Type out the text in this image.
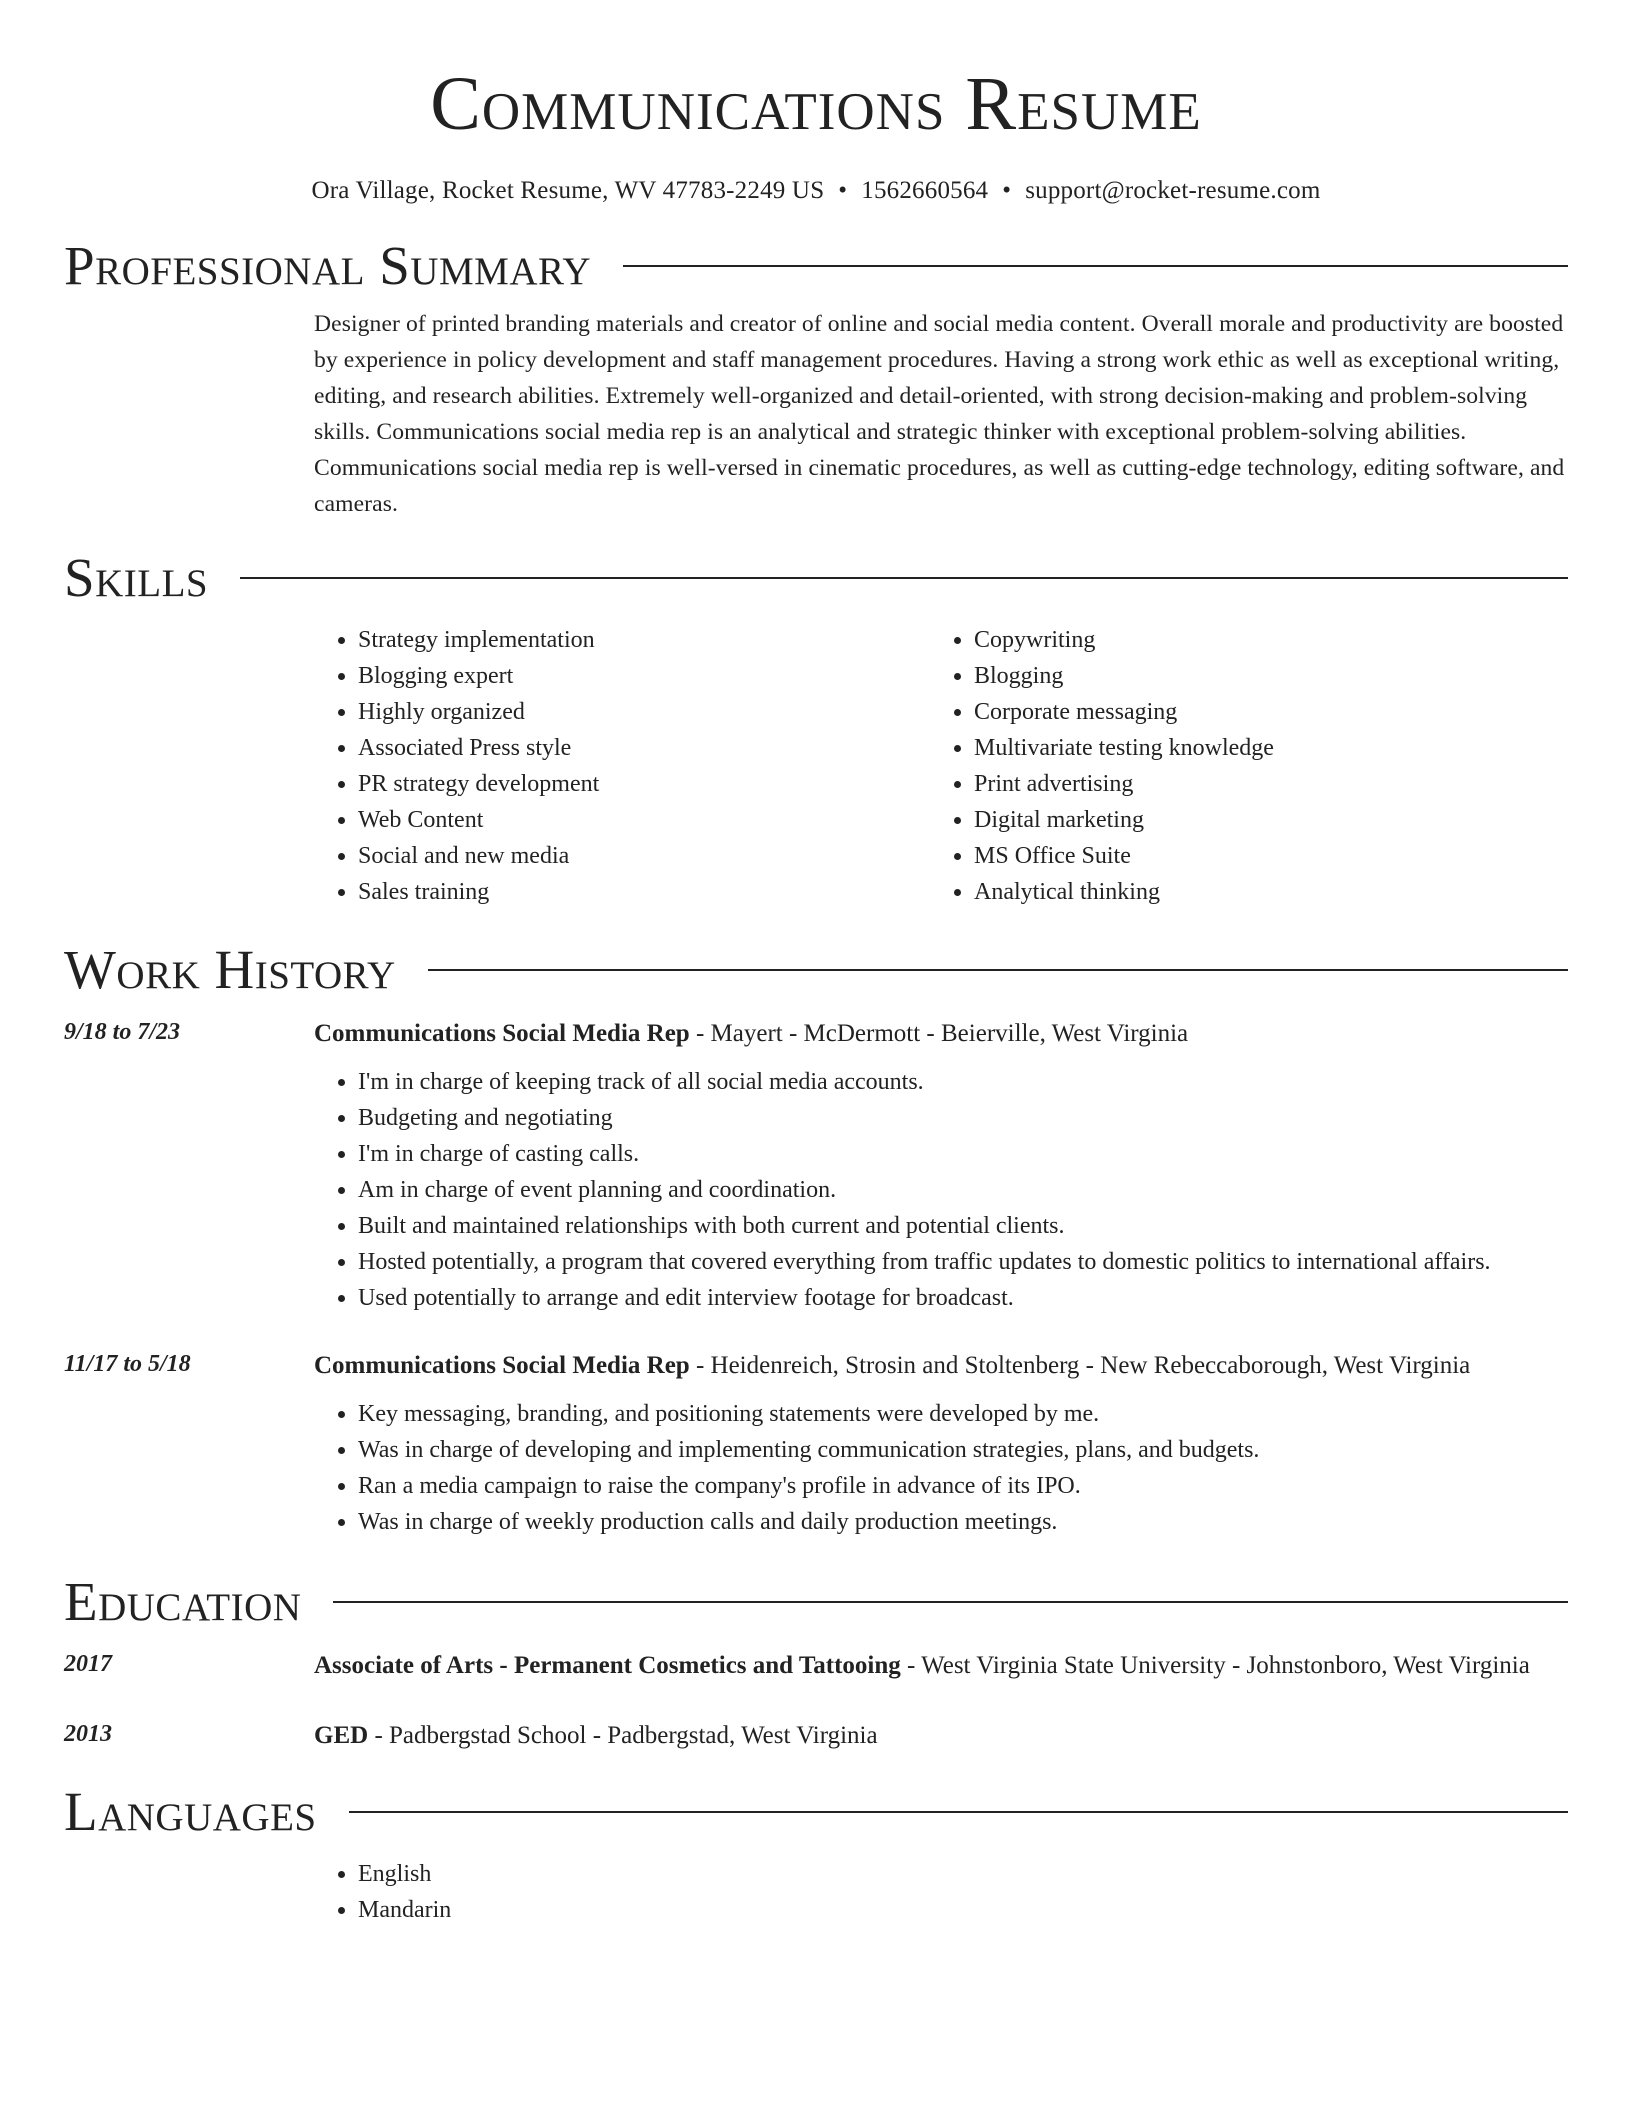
Communications Resume
Ora Village, Rocket Resume, WV 47783-2249 US • 1562660564 • support@rocket-resume.com
Professional Summary
Designer of printed branding materials and creator of online and social media content. Overall morale and productivity are boosted by experience in policy development and staff management procedures. Having a strong work ethic as well as exceptional writing, editing, and research abilities. Extremely well-organized and detail-oriented, with strong decision-making and problem-solving skills. Communications social media rep is an analytical and strategic thinker with exceptional problem-solving abilities. Communications social media rep is well-versed in cinematic procedures, as well as cutting-edge technology, editing software, and cameras.
Skills
• Strategy implementation
• Blogging expert
• Highly organized
• Associated Press style
• PR strategy development
• Web Content
• Social and new media
• Sales training
• Copywriting
• Blogging
• Corporate messaging
• Multivariate testing knowledge
• Print advertising
• Digital marketing
• MS Office Suite
• Analytical thinking
Work History
9/18 to 7/23	Communications Social Media Rep - Mayert - McDermott - Beierville, West Virginia
• I'm in charge of keeping track of all social media accounts.
• Budgeting and negotiating
• I'm in charge of casting calls.
• Am in charge of event planning and coordination.
• Built and maintained relationships with both current and potential clients.
• Hosted potentially, a program that covered everything from traffic updates to domestic politics to international affairs.
• Used potentially to arrange and edit interview footage for broadcast.
11/17 to 5/18	Communications Social Media Rep - Heidenreich, Strosin and Stoltenberg - New Rebeccaborough, West Virginia
• Key messaging, branding, and positioning statements were developed by me.
• Was in charge of developing and implementing communication strategies, plans, and budgets.
• Ran a media campaign to raise the company's profile in advance of its IPO.
• Was in charge of weekly production calls and daily production meetings.
Education
2017	Associate of Arts - Permanent Cosmetics and Tattooing - West Virginia State University - Johnstonboro, West Virginia
2013	GED - Padbergstad School - Padbergstad, West Virginia
Languages
• English
• Mandarin
